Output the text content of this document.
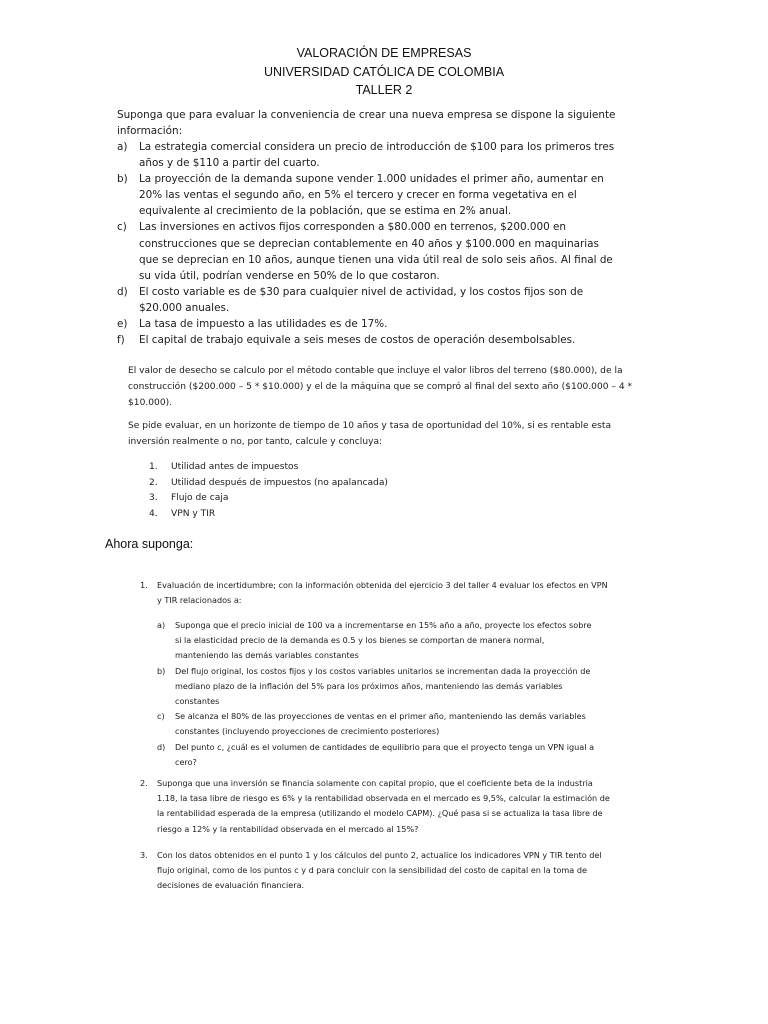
VALORACIÓN DE EMPRESAS
UNIVERSIDAD CATÓLICA DE COLOMBIA
TALLER 2
Suponga que para evaluar la conveniencia de crear una nueva empresa se dispone la siguiente información:
a) La estrategia comercial considera un precio de introducción de $100 para los primeros tres años y de $110 a partir del cuarto.
b) La proyección de la demanda supone vender 1.000 unidades el primer año, aumentar en 20% las ventas el segundo año, en 5% el tercero y crecer en forma vegetativa en el equivalente al crecimiento de la población, que se estima en 2% anual.
c) Las inversiones en activos fijos corresponden a $80.000 en terrenos, $200.000 en construcciones que se deprecian contablemente en 40 años y $100.000 en maquinarias que se deprecian en 10 años, aunque tienen una vida útil real de solo seis años. Al final de su vida útil, podrían venderse en 50% de lo que costaron.
d) El costo variable es de $30 para cualquier nivel de actividad, y los costos fijos son de $20.000 anuales.
e) La tasa de impuesto a las utilidades es de 17%.
f) El capital de trabajo equivale a seis meses de costos de operación desembolsables.
El valor de desecho se calculo por el método contable que incluye el valor libros del terreno ($80.000), de la construcción ($200.000 – 5 * $10.000) y el de la máquina que se compró al final del sexto año ($100.000 – 4 * $10.000).
Se pide evaluar, en un horizonte de tiempo de 10 años y tasa de oportunidad del 10%, si es rentable esta inversión realmente o no, por tanto, calcule y concluya:
1. Utilidad antes de impuestos
2. Utilidad después de impuestos (no apalancada)
3. Flujo de caja
4. VPN y TIR
Ahora suponga:
1. Evaluación de incertidumbre; con la información obtenida del ejercicio 3 del taller 4 evaluar los efectos en VPN y TIR relacionados a:
a) Suponga que el precio inicial de 100 va a incrementarse en 15% año a año, proyecte los efectos sobre si la elasticidad precio de la demanda es 0.5 y los bienes se comportan de manera normal, manteniendo las demás variables constantes
b) Del flujo original, los costos fijos y los costos variables unitarios se incrementan dada la proyección de mediano plazo de la inflación del 5% para los próximos años, manteniendo las demás variables constantes
c) Se alcanza el 80% de las proyecciones de ventas en el primer año, manteniendo las demás variables constantes (incluyendo proyecciones de crecimiento posteriores)
d) Del punto c, ¿cuál es el volumen de cantidades de equilibrio para que el proyecto tenga un VPN igual a cero?
2. Suponga que una inversión se financia solamente con capital propio, que el coeficiente beta de la industria 1.18, la tasa libre de riesgo es 6% y la rentabilidad observada en el mercado es 9,5%, calcular la estimación de la rentabilidad esperada de la empresa (utilizando el modelo CAPM). ¿Qué pasa si se actualiza la tasa libre de riesgo a 12% y la rentabilidad observada en el mercado al 15%?
3. Con los datos obtenidos en el punto 1 y los cálculos del punto 2, actualice los indicadores VPN y TIR tento del flujo original, como de los puntos c y d para concluir con la sensibilidad del costo de capital en la toma de decisiones de evaluación financiera.
